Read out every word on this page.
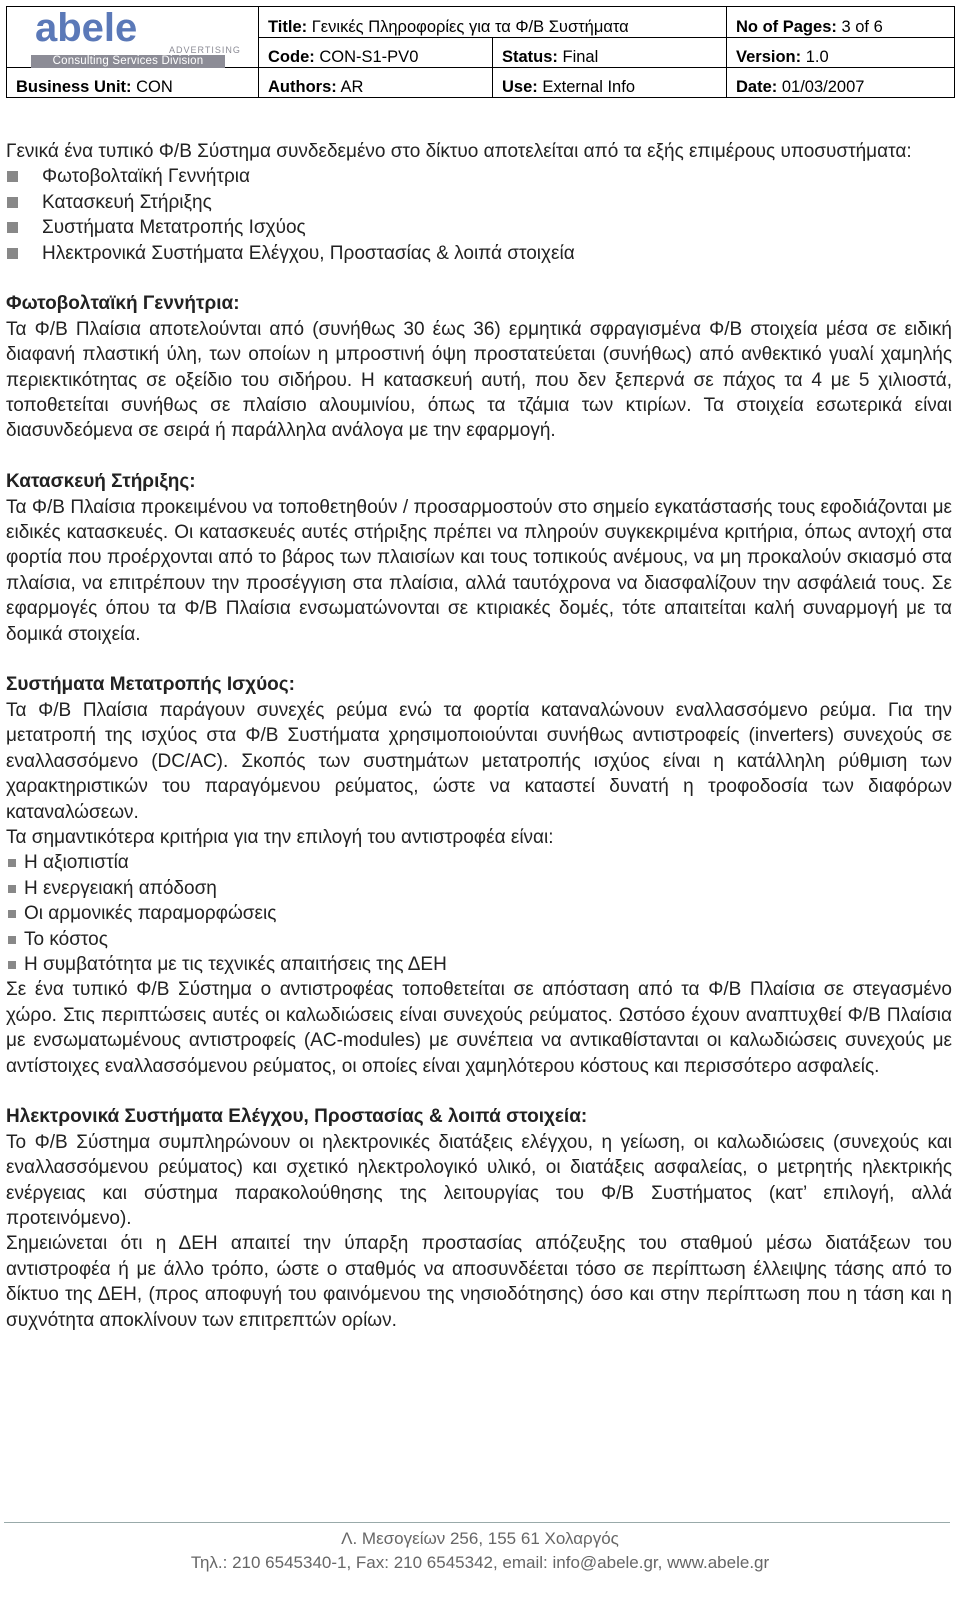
abele ADVERTISING
Consulting Services Division	Title: Γενικές Πληροφορίες για τα Φ/Β Συστήματα		No of Pages: 3 of 6
	Code: CON-S1-PV0	Status: Final	Version: 1.0
Business Unit: CON	Authors: AR	Use: External Info	Date: 01/03/2007

Γενικά ένα τυπικό Φ/Β Σύστημα συνδεδεμένο στο δίκτυο αποτελείται από τα εξής επιμέρους υποσυστήματα:

Φωτοβολταϊκή Γεννήτρια
Κατασκευή Στήριξης
Συστήματα Μετατροπής Ισχύος
Ηλεκτρονικά Συστήματα Ελέγχου, Προστασίας & λοιπά στοιχεία

Φωτοβολταϊκή Γεννήτρια:

Τα Φ/Β Πλαίσια αποτελούνται από (συνήθως 30 έως 36) ερμητικά σφραγισμένα Φ/Β στοιχεία μέσα σε ειδική διαφανή πλαστική ύλη, των οποίων η μπροστινή όψη προστατεύεται (συνήθως) από ανθεκτικό γυαλί χαμηλής περιεκτικότητας σε οξείδιο του σιδήρου. Η κατασκευή αυτή, που δεν ξεπερνά σε πάχος τα 4 με 5 χιλιοστά, τοποθετείται συνήθως σε πλαίσιο αλουμινίου, όπως τα τζάμια των κτιρίων. Τα στοιχεία εσωτερικά είναι διασυνδεόμενα σε σειρά ή παράλληλα ανάλογα με την εφαρμογή.

Κατασκευή Στήριξης:

Τα Φ/Β Πλαίσια προκειμένου να τοποθετηθούν / προσαρμοστούν στο σημείο εγκατάστασής τους εφοδιάζονται με ειδικές κατασκευές. Οι κατασκευές αυτές στήριξης πρέπει να πληρούν συγκεκριμένα κριτήρια, όπως αντοχή στα φορτία που προέρχονται από το βάρος των πλαισίων και τους τοπικούς ανέμους, να μη προκαλούν σκιασμό στα πλαίσια, να επιτρέπουν την προσέγγιση στα πλαίσια, αλλά ταυτόχρονα να διασφαλίζουν την ασφάλειά τους. Σε εφαρμογές όπου τα Φ/Β Πλαίσια ενσωματώνονται σε κτιριακές δομές, τότε απαιτείται καλή συναρμογή με τα δομικά στοιχεία.

Συστήματα Μετατροπής Ισχύος:

Τα Φ/Β Πλαίσια παράγουν συνεχές ρεύμα ενώ τα φορτία καταναλώνουν εναλλασσόμενο ρεύμα. Για την μετατροπή της ισχύος στα Φ/Β Συστήματα χρησιμοποιούνται συνήθως αντιστροφείς (inverters) συνεχούς σε εναλλασσόμενο (DC/AC). Σκοπός των συστημάτων μετατροπής ισχύος είναι η κατάλληλη ρύθμιση των χαρακτηριστικών του παραγόμενου ρεύματος, ώστε να καταστεί δυνατή η τροφοδοσία των διαφόρων καταναλώσεων.

Τα σημαντικότερα κριτήρια για την επιλογή του αντιστροφέα είναι:

Η αξιοπιστία
Η ενεργειακή απόδοση
Οι αρμονικές παραμορφώσεις
Το κόστος
Η συμβατότητα με τις τεχνικές απαιτήσεις της ΔΕΗ

Σε ένα τυπικό Φ/Β Σύστημα ο αντιστροφέας τοποθετείται σε απόσταση από τα Φ/Β Πλαίσια σε στεγασμένο χώρο. Στις περιπτώσεις αυτές οι καλωδιώσεις είναι συνεχούς ρεύματος. Ωστόσο έχουν αναπτυχθεί Φ/Β Πλαίσια με ενσωματωμένους αντιστροφείς (AC-modules) με συνέπεια να αντικαθίστανται οι καλωδιώσεις συνεχούς με αντίστοιχες εναλλασσόμενου ρεύματος, οι οποίες είναι χαμηλότερου κόστους και περισσότερο ασφαλείς.

Ηλεκτρονικά Συστήματα Ελέγχου, Προστασίας & λοιπά στοιχεία:

Το Φ/Β Σύστημα συμπληρώνουν οι ηλεκτρονικές διατάξεις ελέγχου, η γείωση, οι καλωδιώσεις (συνεχούς και εναλλασσόμενου ρεύματος) και σχετικό ηλεκτρολογικό υλικό, οι διατάξεις ασφαλείας, ο μετρητής ηλεκτρικής ενέργειας και σύστημα παρακολούθησης της λειτουργίας του Φ/Β Συστήματος (κατ’ επιλογή, αλλά προτεινόμενο).

Σημειώνεται ότι η ΔΕΗ απαιτεί την ύπαρξη προστασίας απόζευξης του σταθμού μέσω διατάξεων του αντιστροφέα ή με άλλο τρόπο, ώστε ο σταθμός να αποσυνδέεται τόσο σε περίπτωση έλλειψης τάσης από το δίκτυο της ΔΕΗ, (προς αποφυγή του φαινόμενου της νησιοδότησης) όσο και στην περίπτωση που η τάση και η συχνότητα αποκλίνουν των επιτρεπτών ορίων.

Λ. Μεσογείων 256, 155 61 Χολαργός
Τηλ.: 210 6545340-1, Fax: 210 6545342, email: info@abele.gr, www.abele.gr
